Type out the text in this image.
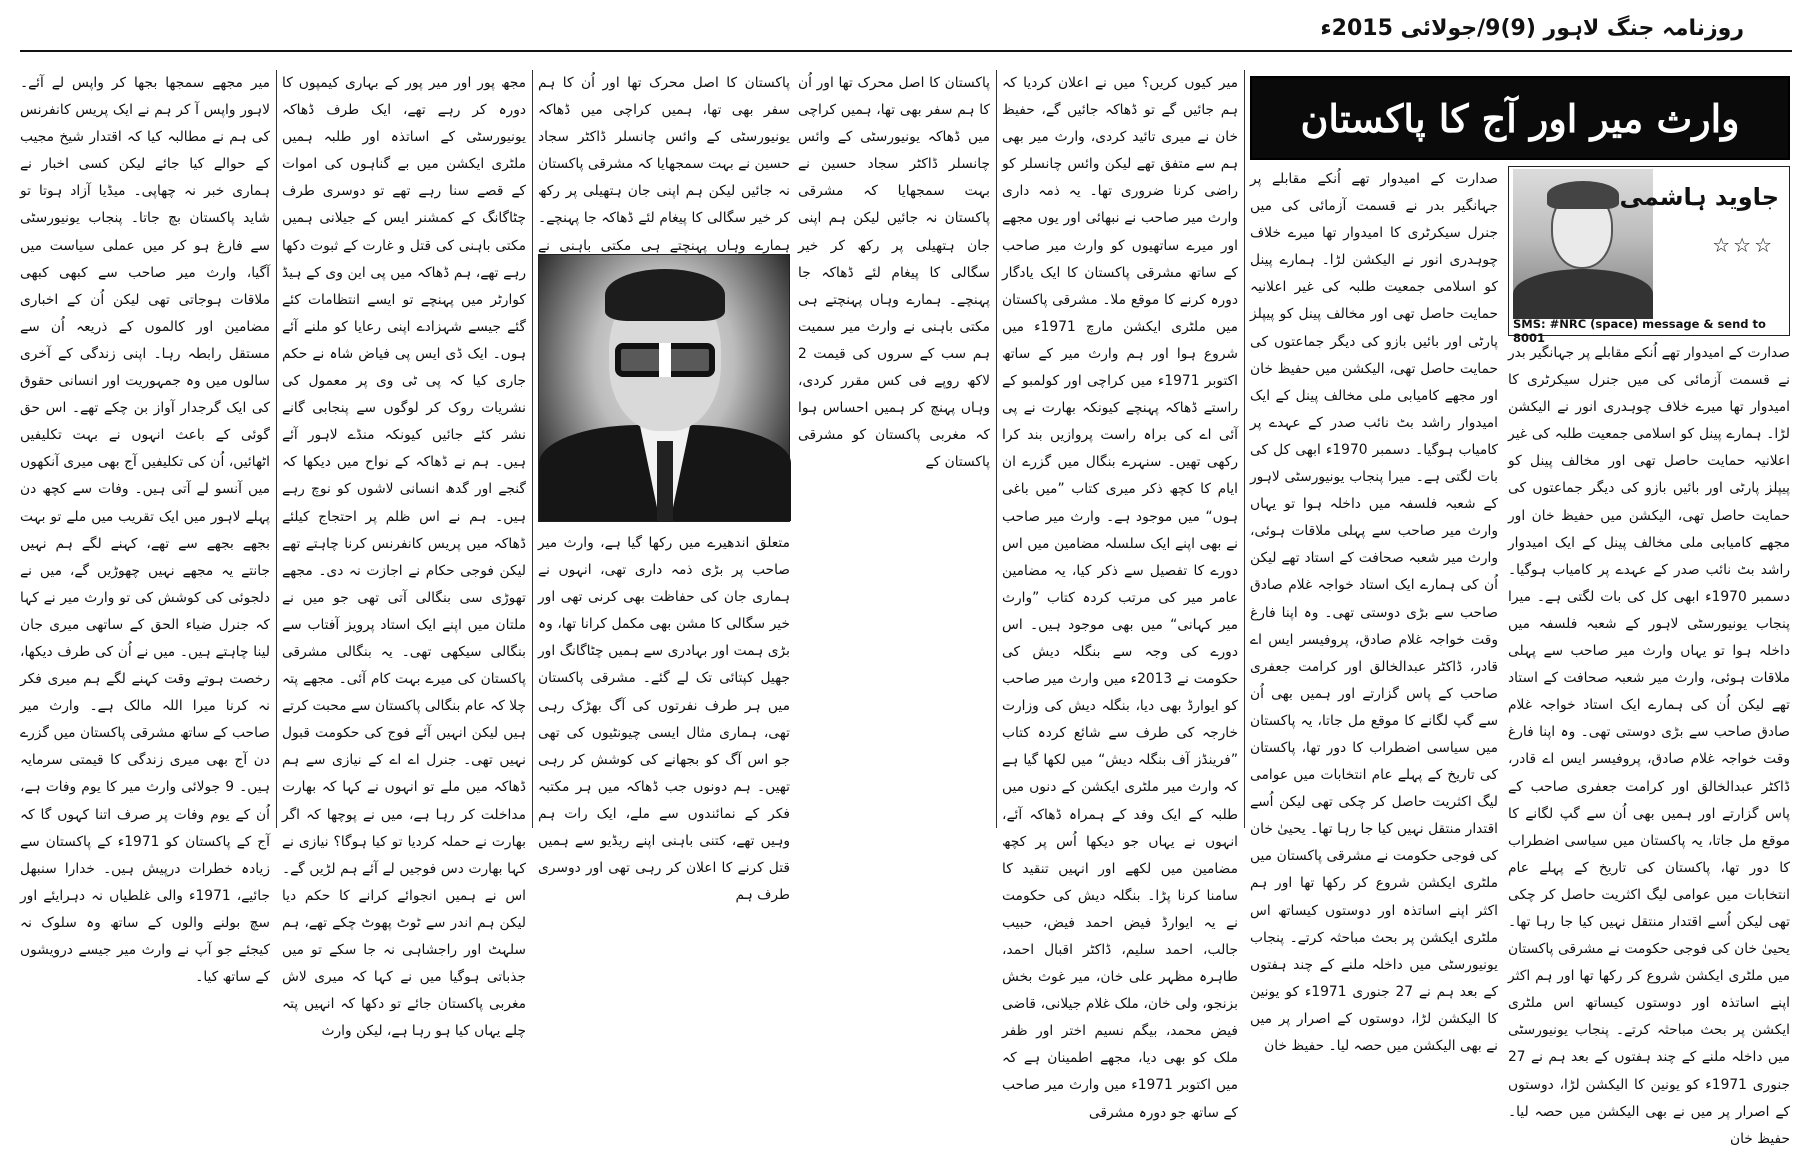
روزنامہ جنگ لاہور (9)9/جولائی 2015ء
وارث میر اور آج کا پاکستان
جاوید ہاشمی
☆☆☆
SMS: #NRC (space) message & send to 8001

صدارت کے امیدوار تھے اُنکے مقابلے پر جہانگیر بدر نے قسمت آزمائی کی میں جنرل سیکرٹری کا امیدوار تھا میرے خلاف چوہدری انور نے الیکشن لڑا۔ ہمارے پینل کو اسلامی جمعیت طلبہ کی غیر اعلانیہ حمایت حاصل تھی اور مخالف پینل کو پیپلز پارٹی اور بائیں بازو کی دیگر جماعتوں کی حمایت حاصل تھی، الیکشن میں حفیظ خان اور مجھے کامیابی ملی مخالف پینل کے ایک امیدوار راشد بٹ نائب صدر کے عہدے پر کامیاب ہوگیا۔ دسمبر 1970ء ابھی کل کی بات لگتی ہے۔ میرا پنجاب یونیورسٹی لاہور کے شعبہ فلسفہ میں داخلہ ہوا تو یہاں وارث میر صاحب سے پہلی ملاقات ہوئی، وارث میر شعبہ صحافت کے استاد تھے لیکن اُن کی ہمارے ایک استاد خواجہ غلام صادق صاحب سے بڑی دوستی تھی۔ وہ اپنا فارغ وقت خواجہ غلام صادق، پروفیسر ایس اے قادر، ڈاکٹر عبدالخالق اور کرامت جعفری صاحب کے پاس گزارتے اور ہمیں بھی اُن سے گپ لگانے کا موقع مل جاتا، یہ پاکستان میں سیاسی اضطراب کا دور تھا، پاکستان کی تاریخ کے پہلے عام انتخابات میں عوامی لیگ اکثریت حاصل کر چکی تھی لیکن اُسے اقتدار منتقل نہیں کیا جا رہا تھا۔ یحییٰ خان کی فوجی حکومت نے مشرقی پاکستان میں ملٹری ایکشن شروع کر رکھا تھا اور ہم اکثر اپنے اساتذہ اور دوستوں کیساتھ اس ملٹری ایکشن پر بحث مباحثہ کرتے۔ پنجاب یونیورسٹی میں داخلہ ملنے کے چند ہفتوں کے بعد ہم نے 27 جنوری 1971ء کو یونین کا الیکشن لڑا، دوستوں کے اصرار پر میں نے بھی الیکشن میں حصہ لیا۔ حفیظ خان

صدارت کے امیدوار تھے اُنکے مقابلے پر جہانگیر بدر نے قسمت آزمائی کی میں جنرل سیکرٹری کا امیدوار تھا میرے خلاف چوہدری انور نے الیکشن لڑا۔ ہمارے پینل کو اسلامی جمعیت طلبہ کی غیر اعلانیہ حمایت حاصل تھی اور مخالف پینل کو پیپلز پارٹی اور بائیں بازو کی دیگر جماعتوں کی حمایت حاصل تھی، الیکشن میں حفیظ خان اور مجھے کامیابی ملی مخالف پینل کے ایک امیدوار راشد بٹ نائب صدر کے عہدے پر کامیاب ہوگیا۔ دسمبر 1970ء ابھی کل کی بات لگتی ہے۔ میرا پنجاب یونیورسٹی لاہور کے شعبہ فلسفہ میں داخلہ ہوا تو یہاں وارث میر صاحب سے پہلی ملاقات ہوئی، وارث میر شعبہ صحافت کے استاد تھے لیکن اُن کی ہمارے ایک استاد خواجہ غلام صادق صاحب سے بڑی دوستی تھی۔ وہ اپنا فارغ وقت خواجہ غلام صادق، پروفیسر ایس اے قادر، ڈاکٹر عبدالخالق اور کرامت جعفری صاحب کے پاس گزارتے اور ہمیں بھی اُن سے گپ لگانے کا موقع مل جاتا، یہ پاکستان میں سیاسی اضطراب کا دور تھا، پاکستان کی تاریخ کے پہلے عام انتخابات میں عوامی لیگ اکثریت حاصل کر چکی تھی لیکن اُسے اقتدار منتقل نہیں کیا جا رہا تھا۔ یحییٰ خان کی فوجی حکومت نے مشرقی پاکستان میں ملٹری ایکشن شروع کر رکھا تھا اور ہم اکثر اپنے اساتذہ اور دوستوں کیساتھ اس ملٹری ایکشن پر بحث مباحثہ کرتے۔ پنجاب یونیورسٹی میں داخلہ ملنے کے چند ہفتوں کے بعد ہم نے 27 جنوری 1971ء کو یونین کا الیکشن لڑا، دوستوں کے اصرار پر میں نے بھی الیکشن میں حصہ لیا۔ حفیظ خان

میر کیوں کریں؟ میں نے اعلان کردیا کہ ہم جائیں گے تو ڈھاکہ جائیں گے، حفیظ خان نے میری تائید کردی، وارث میر بھی ہم سے متفق تھے لیکن وائس چانسلر کو راضی کرنا ضروری تھا۔ یہ ذمہ داری وارث میر صاحب نے نبھائی اور یوں مجھے اور میرے ساتھیوں کو وارث میر صاحب کے ساتھ مشرقی پاکستان کا ایک یادگار دورہ کرنے کا موقع ملا۔ مشرقی پاکستان میں ملٹری ایکشن مارچ 1971ء میں شروع ہوا اور ہم وارث میر کے ساتھ اکتوبر 1971ء میں کراچی اور کولمبو کے راستے ڈھاکہ پہنچے کیونکہ بھارت نے پی آئی اے کی براہ راست پروازیں بند کرا رکھی تھیں۔ سنہرے بنگال میں گزرے ان ایام کا کچھ ذکر میری کتاب ”میں باغی ہوں“ میں موجود ہے۔ وارث میر صاحب نے بھی اپنے ایک سلسلہ مضامین میں اس دورے کا تفصیل سے ذکر کیا، یہ مضامین عامر میر کی مرتب کردہ کتاب ”وارث میر کہانی“ میں بھی موجود ہیں۔ اس دورے کی وجہ سے بنگلہ دیش کی حکومت نے 2013ء میں وارث میر صاحب کو ایوارڈ بھی دیا، بنگلہ دیش کی وزارت خارجہ کی طرف سے شائع کردہ کتاب ”فرینڈز آف بنگلہ دیش“ میں لکھا گیا ہے کہ وارث میر ملٹری ایکشن کے دنوں میں طلبہ کے ایک وفد کے ہمراہ ڈھاکہ آئے، انہوں نے یہاں جو دیکھا اُس پر کچھ مضامین میں لکھے اور انہیں تنقید کا سامنا کرنا پڑا۔ بنگلہ دیش کی حکومت نے یہ ایوارڈ فیض احمد فیض، حبیب جالب، احمد سلیم، ڈاکٹر اقبال احمد، طاہرہ مظہر علی خان، میر غوث بخش بزنجو، ولی خان، ملک غلام جیلانی، قاضی فیض محمد، بیگم نسیم اختر اور ظفر ملک کو بھی دیا، مجھے اطمینان ہے کہ میں اکتوبر 1971ء میں وارث میر صاحب کے ساتھ جو دورہ مشرقی

پاکستان کا اصل محرک تھا اور اُن کا ہم سفر بھی تھا، ہمیں کراچی میں ڈھاکہ یونیورسٹی کے وائس چانسلر ڈاکٹر سجاد حسین نے بہت سمجھایا کہ مشرقی پاکستان نہ جائیں لیکن ہم اپنی جان ہتھیلی پر رکھ کر خیر سگالی کا پیغام لئے ڈھاکہ جا پہنچے۔ ہمارے وہاں پہنچتے ہی مکتی باہنی نے وارث میر سمیت ہم سب کے سروں کی قیمت 2 لاکھ روپے فی کس مقرر کردی، وہاں پہنچ کر ہمیں احساس ہوا کہ مغربی پاکستان کو مشرقی پاکستان کے

پاکستان کا اصل محرک تھا اور اُن کا ہم سفر بھی تھا، ہمیں کراچی میں ڈھاکہ یونیورسٹی کے وائس چانسلر ڈاکٹر سجاد حسین نے بہت سمجھایا کہ مشرقی پاکستان نہ جائیں لیکن ہم اپنی جان ہتھیلی پر رکھ کر خیر سگالی کا پیغام لئے ڈھاکہ جا پہنچے۔ ہمارے وہاں پہنچتے ہی مکتی باہنی نے

متعلق اندھیرے میں رکھا گیا ہے، وارث میر صاحب پر بڑی ذمہ داری تھی، انہوں نے ہماری جان کی حفاظت بھی کرنی تھی اور خیر سگالی کا مشن بھی مکمل کرانا تھا، وہ بڑی ہمت اور بہادری سے ہمیں چٹاگانگ اور جھیل کپتائی تک لے گئے۔ مشرقی پاکستان میں ہر طرف نفرتوں کی آگ بھڑک رہی تھی، ہماری مثال ایسی چیونٹیوں کی تھی جو اس آگ کو بجھانے کی کوشش کر رہی تھیں۔ ہم دونوں جب ڈھاکہ میں ہر مکتبہ فکر کے نمائندوں سے ملے، ایک رات ہم وہیں تھے، کتنی باہنی اپنے ریڈیو سے ہمیں قتل کرنے کا اعلان کر رہی تھی اور دوسری طرف ہم

مجھ پور اور میر پور کے بہاری کیمپوں کا دورہ کر رہے تھے، ایک طرف ڈھاکہ یونیورسٹی کے اساتذہ اور طلبہ ہمیں ملٹری ایکشن میں بے گناہوں کی اموات کے قصے سنا رہے تھے تو دوسری طرف چٹاگانگ کے کمشنر ایس کے جیلانی ہمیں مکتی باہنی کی قتل و غارت کے ثبوت دکھا رہے تھے، ہم ڈھاکہ میں پی این وی کے ہیڈ کوارٹر میں پہنچے تو ایسے انتظامات کئے گئے جیسے شہزادے اپنی رعایا کو ملنے آئے ہوں۔ ایک ڈی ایس پی فیاض شاہ نے حکم جاری کیا کہ پی ٹی وی پر معمول کی نشریات روک کر لوگوں سے پنجابی گانے نشر کئے جائیں کیونکہ منڈے لاہور آئے ہیں۔ ہم نے ڈھاکہ کے نواح میں دیکھا کہ گنجے اور گدھ انسانی لاشوں کو نوچ رہے ہیں۔ ہم نے اس ظلم پر احتجاج کیلئے ڈھاکہ میں پریس کانفرنس کرنا چاہتے تھے لیکن فوجی حکام نے اجازت نہ دی۔ مجھے تھوڑی سی بنگالی آتی تھی جو میں نے ملتان میں اپنے ایک استاد پرویز آفتاب سے بنگالی سیکھی تھی۔ یہ بنگالی مشرقی پاکستان کی میرے بہت کام آئی۔ مجھے پتہ چلا کہ عام بنگالی پاکستان سے محبت کرتے ہیں لیکن انہیں آئے فوج کی حکومت قبول نہیں تھی۔ جنرل اے اے کے نیازی سے ہم ڈھاکہ میں ملے تو انہوں نے کہا کہ بھارت مداخلت کر رہا ہے، میں نے پوچھا کہ اگر بھارت نے حملہ کردیا تو کیا ہوگا؟ نیازی نے کہا بھارت دس فوجیں لے آئے ہم لڑیں گے۔ اس نے ہمیں انجوائے کرانے کا حکم دیا لیکن ہم اندر سے ٹوٹ پھوٹ چکے تھے، ہم سلہٹ اور راجشاہی نہ جا سکے تو میں جذباتی ہوگیا میں نے کہا کہ میری لاش مغربی پاکستان جائے تو دکھا کہ انہیں پتہ چلے یہاں کیا ہو رہا ہے، لیکن وارث

میر مجھے سمجھا بجھا کر واپس لے آئے۔ لاہور واپس آ کر ہم نے ایک پریس کانفرنس کی ہم نے مطالبہ کیا کہ اقتدار شیخ مجیب کے حوالے کیا جائے لیکن کسی اخبار نے ہماری خبر نہ چھاپی۔ میڈیا آزاد ہوتا تو شاید پاکستان بچ جاتا۔ پنجاب یونیورسٹی سے فارغ ہو کر میں عملی سیاست میں آگیا، وارث میر صاحب سے کبھی کبھی ملاقات ہوجاتی تھی لیکن اُن کے اخباری مضامین اور کالموں کے ذریعہ اُن سے مستقل رابطہ رہا۔ اپنی زندگی کے آخری سالوں میں وہ جمہوریت اور انسانی حقوق کی ایک گرجدار آواز بن چکے تھے۔ اس حق گوئی کے باعث انہوں نے بہت تکلیفیں اٹھائیں، اُن کی تکلیفیں آج بھی میری آنکھوں میں آنسو لے آتی ہیں۔ وفات سے کچھ دن پہلے لاہور میں ایک تقریب میں ملے تو بہت بجھے بجھے سے تھے، کہنے لگے ہم نہیں جانتے یہ مجھے نہیں چھوڑیں گے، میں نے دلجوئی کی کوشش کی تو وارث میر نے کہا کہ جنرل ضیاء الحق کے ساتھی میری جان لینا چاہتے ہیں۔ میں نے اُن کی طرف دیکھا، رخصت ہوتے وقت کہنے لگے ہم میری فکر نہ کرنا میرا اللہ مالک ہے۔ وارث میر صاحب کے ساتھ مشرقی پاکستان میں گزرے دن آج بھی میری زندگی کا قیمتی سرمایہ ہیں۔ 9 جولائی وارث میر کا یوم وفات ہے، اُن کے یوم وفات پر صرف اتنا کہوں گا کہ آج کے پاکستان کو 1971ء کے پاکستان سے زیادہ خطرات درپیش ہیں۔ خدارا سنبھل جائیے، 1971ء والی غلطیاں نہ دہرایئے اور سچ بولنے والوں کے ساتھ وہ سلوک نہ کیجئے جو آپ نے وارث میر جیسے درویشوں کے ساتھ کیا۔
